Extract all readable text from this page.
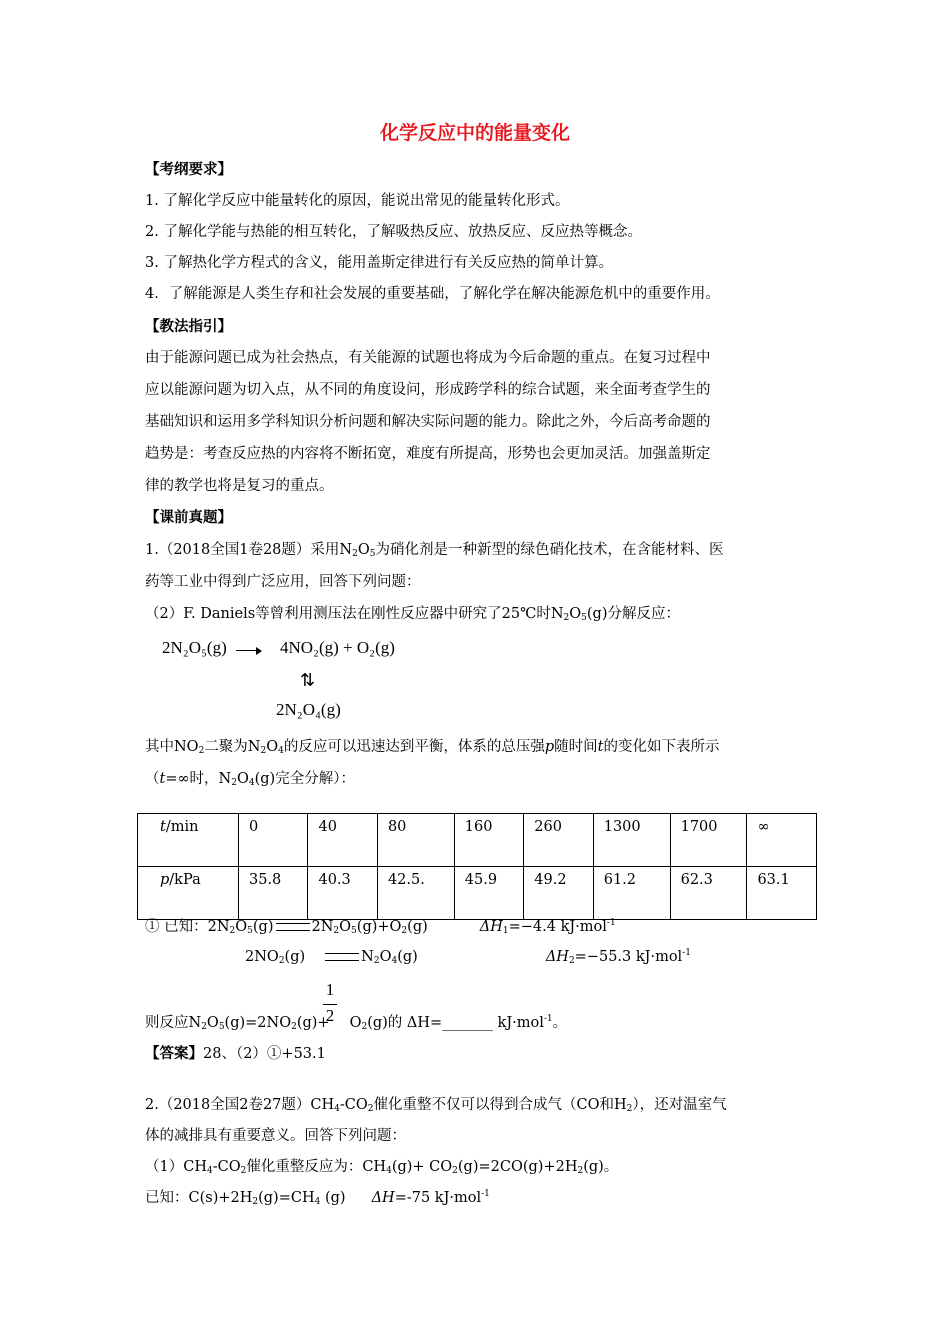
化学反应中的能量变化
【考纲要求】
1. 了解化学反应中能量转化的原因，能说出常见的能量转化形式。
2. 了解化学能与热能的相互转化，了解吸热反应、放热反应、反应热等概念。
3. 了解热化学方程式的含义，能用盖斯定律进行有关反应热的简单计算。
4．了解能源是人类生存和社会发展的重要基础，了解化学在解决能源危机中的重要作用。
【教法指引】
由于能源问题已成为社会热点，有关能源的试题也将成为今后命题的重点。在复习过程中
应以能源问题为切入点，从不同的角度设问，形成跨学科的综合试题，来全面考查学生的
基础知识和运用多学科知识分析问题和解决实际问题的能力。除此之外，今后高考命题的
趋势是：考查反应热的内容将不断拓宽，难度有所提高，形势也会更加灵活。加强盖斯定
律的教学也将是复习的重点。
【课前真题】
1.（2018全国1卷28题）采用$N_2O_5$为硝化剂是一种新型的绿色硝化技术，在含能材料、医
药等工业中得到广泛应用，回答下列问题：
（2）F. Daniels等曾利用测压法在刚性反应器中研究了25℃时$N_2O_5(g)$分解反应：
2N₂O₅(g)	4NO₂(g) + O₂(g)
⇅
2N₂O₄(g)
其中$NO_2$二聚为$N_2O_4$的反应可以迅速达到平衡，体系的总压强p随时间t的变化如下表所示
（t=∞时，$N_2O_4(g)$完全分解）：
t/min	0	40	80	160	260	1300	1700	∞
p/kPa	35.8	40.3	42.5.	45.9	49.2	61.2	62.3	63.1
① 已知：$2N_2O_5(g)$	$2N_2O_5(g)+O_2(g)$	$\Delta H_1=-4.4$ kJ·mol$^{-1}$
$2NO_2(g)$	$N_2O_4(g)$	$\Delta H_2=-55.3$ kJ·mol$^{-1}$
1
2
则反应$N_2O_5(g)=2NO_2(g)+ O_2(g)$的 ΔH=_______ kJ·mol$^{-1}$。
【答案】28、（2）①+53.1
2.（2018全国2卷27题）$CH_4-CO_2$催化重整不仅可以得到合成气（CO和$H_2$），还对温室气
体的减排具有重要意义。回答下列问题：
$(1)CH_4-CO_2$催化重整反应为：$CH_4(g)+ CO_2(g)=2CO(g)+2H_2(g)$。
已知：$C(s)+2H_2(g)=CH_4$ (g) ΔH=-75 kJ·mol$^{-1}$
